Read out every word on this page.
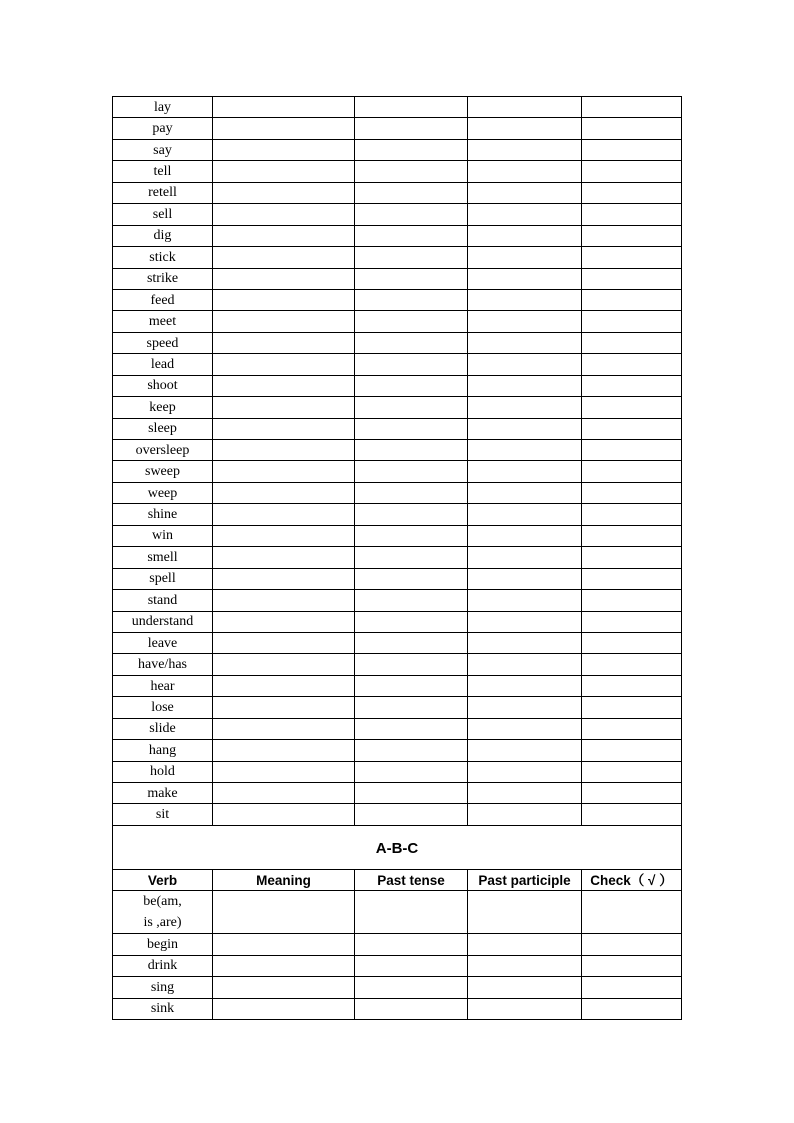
lay				
pay				
say				
tell				
retell				
sell				
dig				
stick				
strike				
feed				
meet				
speed				
lead				
shoot				
keep				
sleep				
oversleep				
sweep				
weep				
shine				
win				
smell				
spell				
stand				
understand				
leave				
have/has				
hear				
lose				
slide				
hang				
hold				
make				
sit				
A-B-C				
Verb	Meaning	Past tense	Past participle	Check（ √ ）
be(am,
is ,are)				
begin				
drink				
sing				
sink				
